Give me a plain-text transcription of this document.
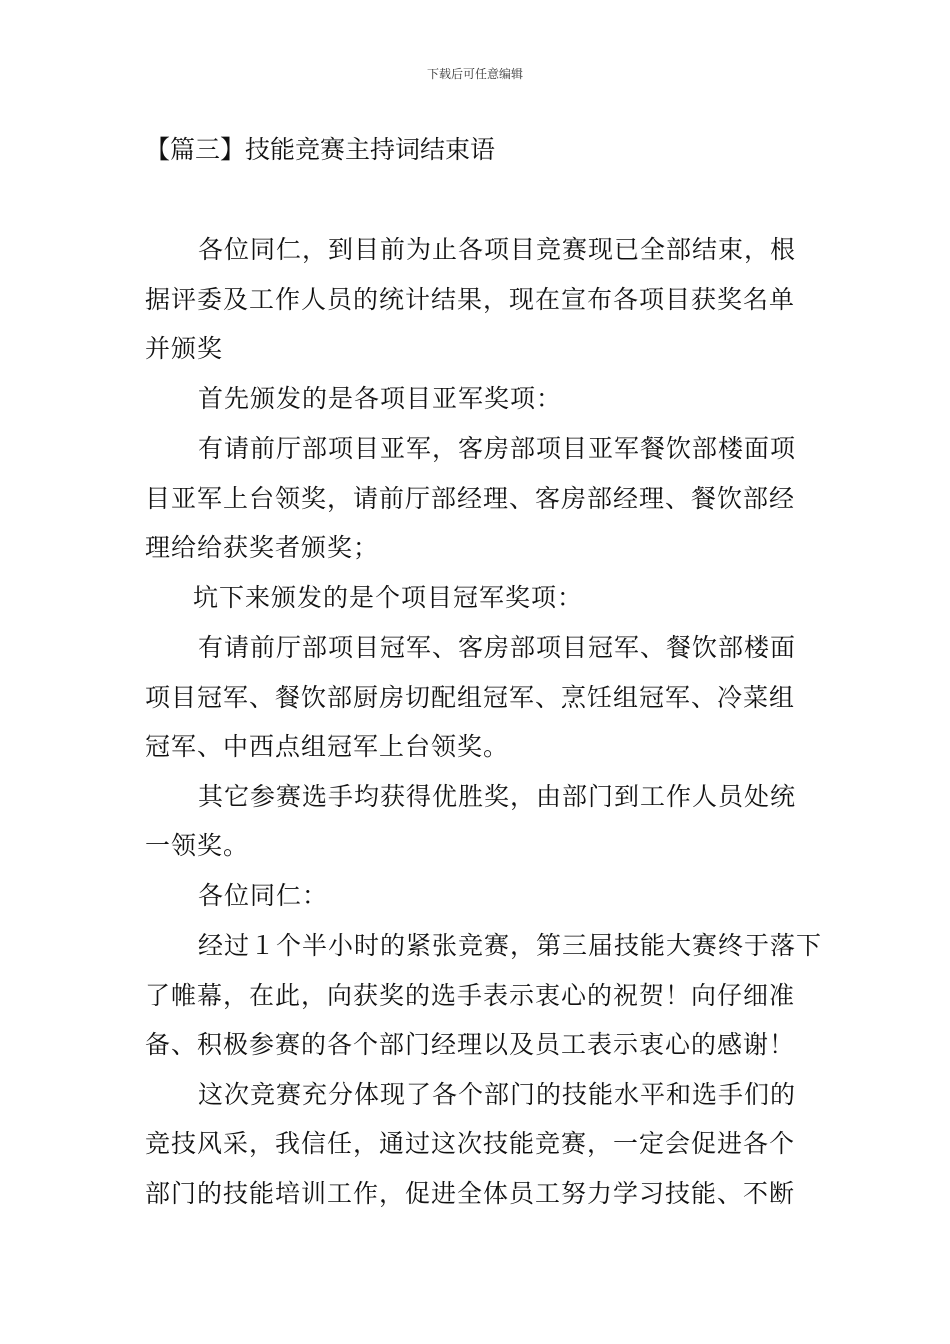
下载后可任意编辑
【篇三】技能竞赛主持词结束语
各位同仁，到目前为止各项目竞赛现已全部结束，根
据评委及工作人员的统计结果，现在宣布各项目获奖名单
并颁奖
首先颁发的是各项目亚军奖项：
有请前厅部项目亚军，客房部项目亚军餐饮部楼面项
目亚军上台领奖，请前厅部经理、客房部经理、餐饮部经
理给给获奖者颁奖；
坑下来颁发的是个项目冠军奖项：
有请前厅部项目冠军、客房部项目冠军、餐饮部楼面
项目冠军、餐饮部厨房切配组冠军、烹饪组冠军、冷菜组
冠军、中西点组冠军上台领奖。
其它参赛选手均获得优胜奖，由部门到工作人员处统
一领奖。
各位同仁：
经过１个半小时的紧张竞赛，第三届技能大赛终于落下
了帷幕，在此，向获奖的选手表示衷心的祝贺！向仔细准
备、积极参赛的各个部门经理以及员工表示衷心的感谢！
这次竞赛充分体现了各个部门的技能水平和选手们的
竞技风采，我信任，通过这次技能竞赛，一定会促进各个
部门的技能培训工作，促进全体员工努力学习技能、不断
